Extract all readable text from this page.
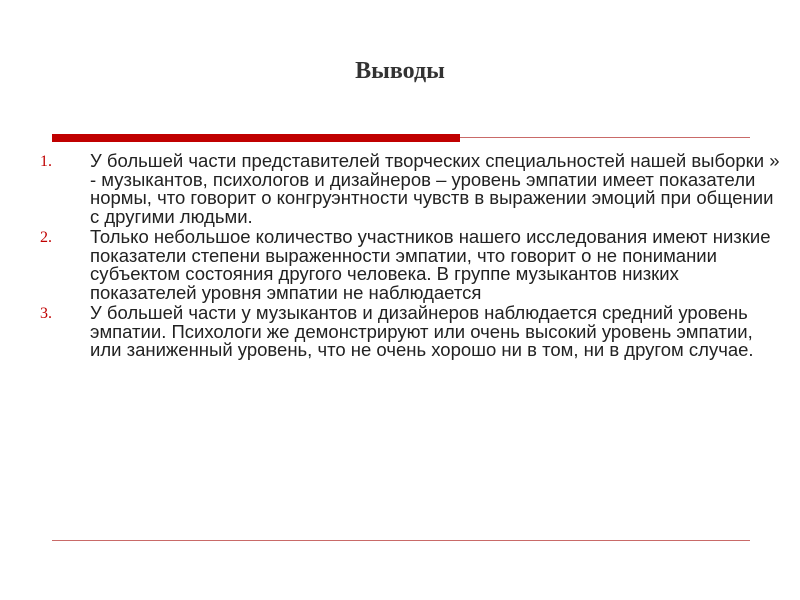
Выводы
1. У большей части представителей творческих специальностей нашей выборки » - музыкантов, психологов и дизайнеров – уровень эмпатии имеет показатели нормы, что говорит о конгруэнтности чувств в выражении эмоций при общении с другими людьми.
2. Только небольшое количество участников нашего исследования имеют низкие показатели степени выраженности эмпатии, что говорит о не понимании субъектом состояния другого человека. В группе музыкантов низких показателей уровня эмпатии не наблюдается
3. У большей части у музыкантов и дизайнеров наблюдается средний уровень эмпатии. Психологи же демонстрируют или очень высокий уровень эмпатии, или заниженный уровень, что не очень хорошо ни в том, ни в другом случае.
